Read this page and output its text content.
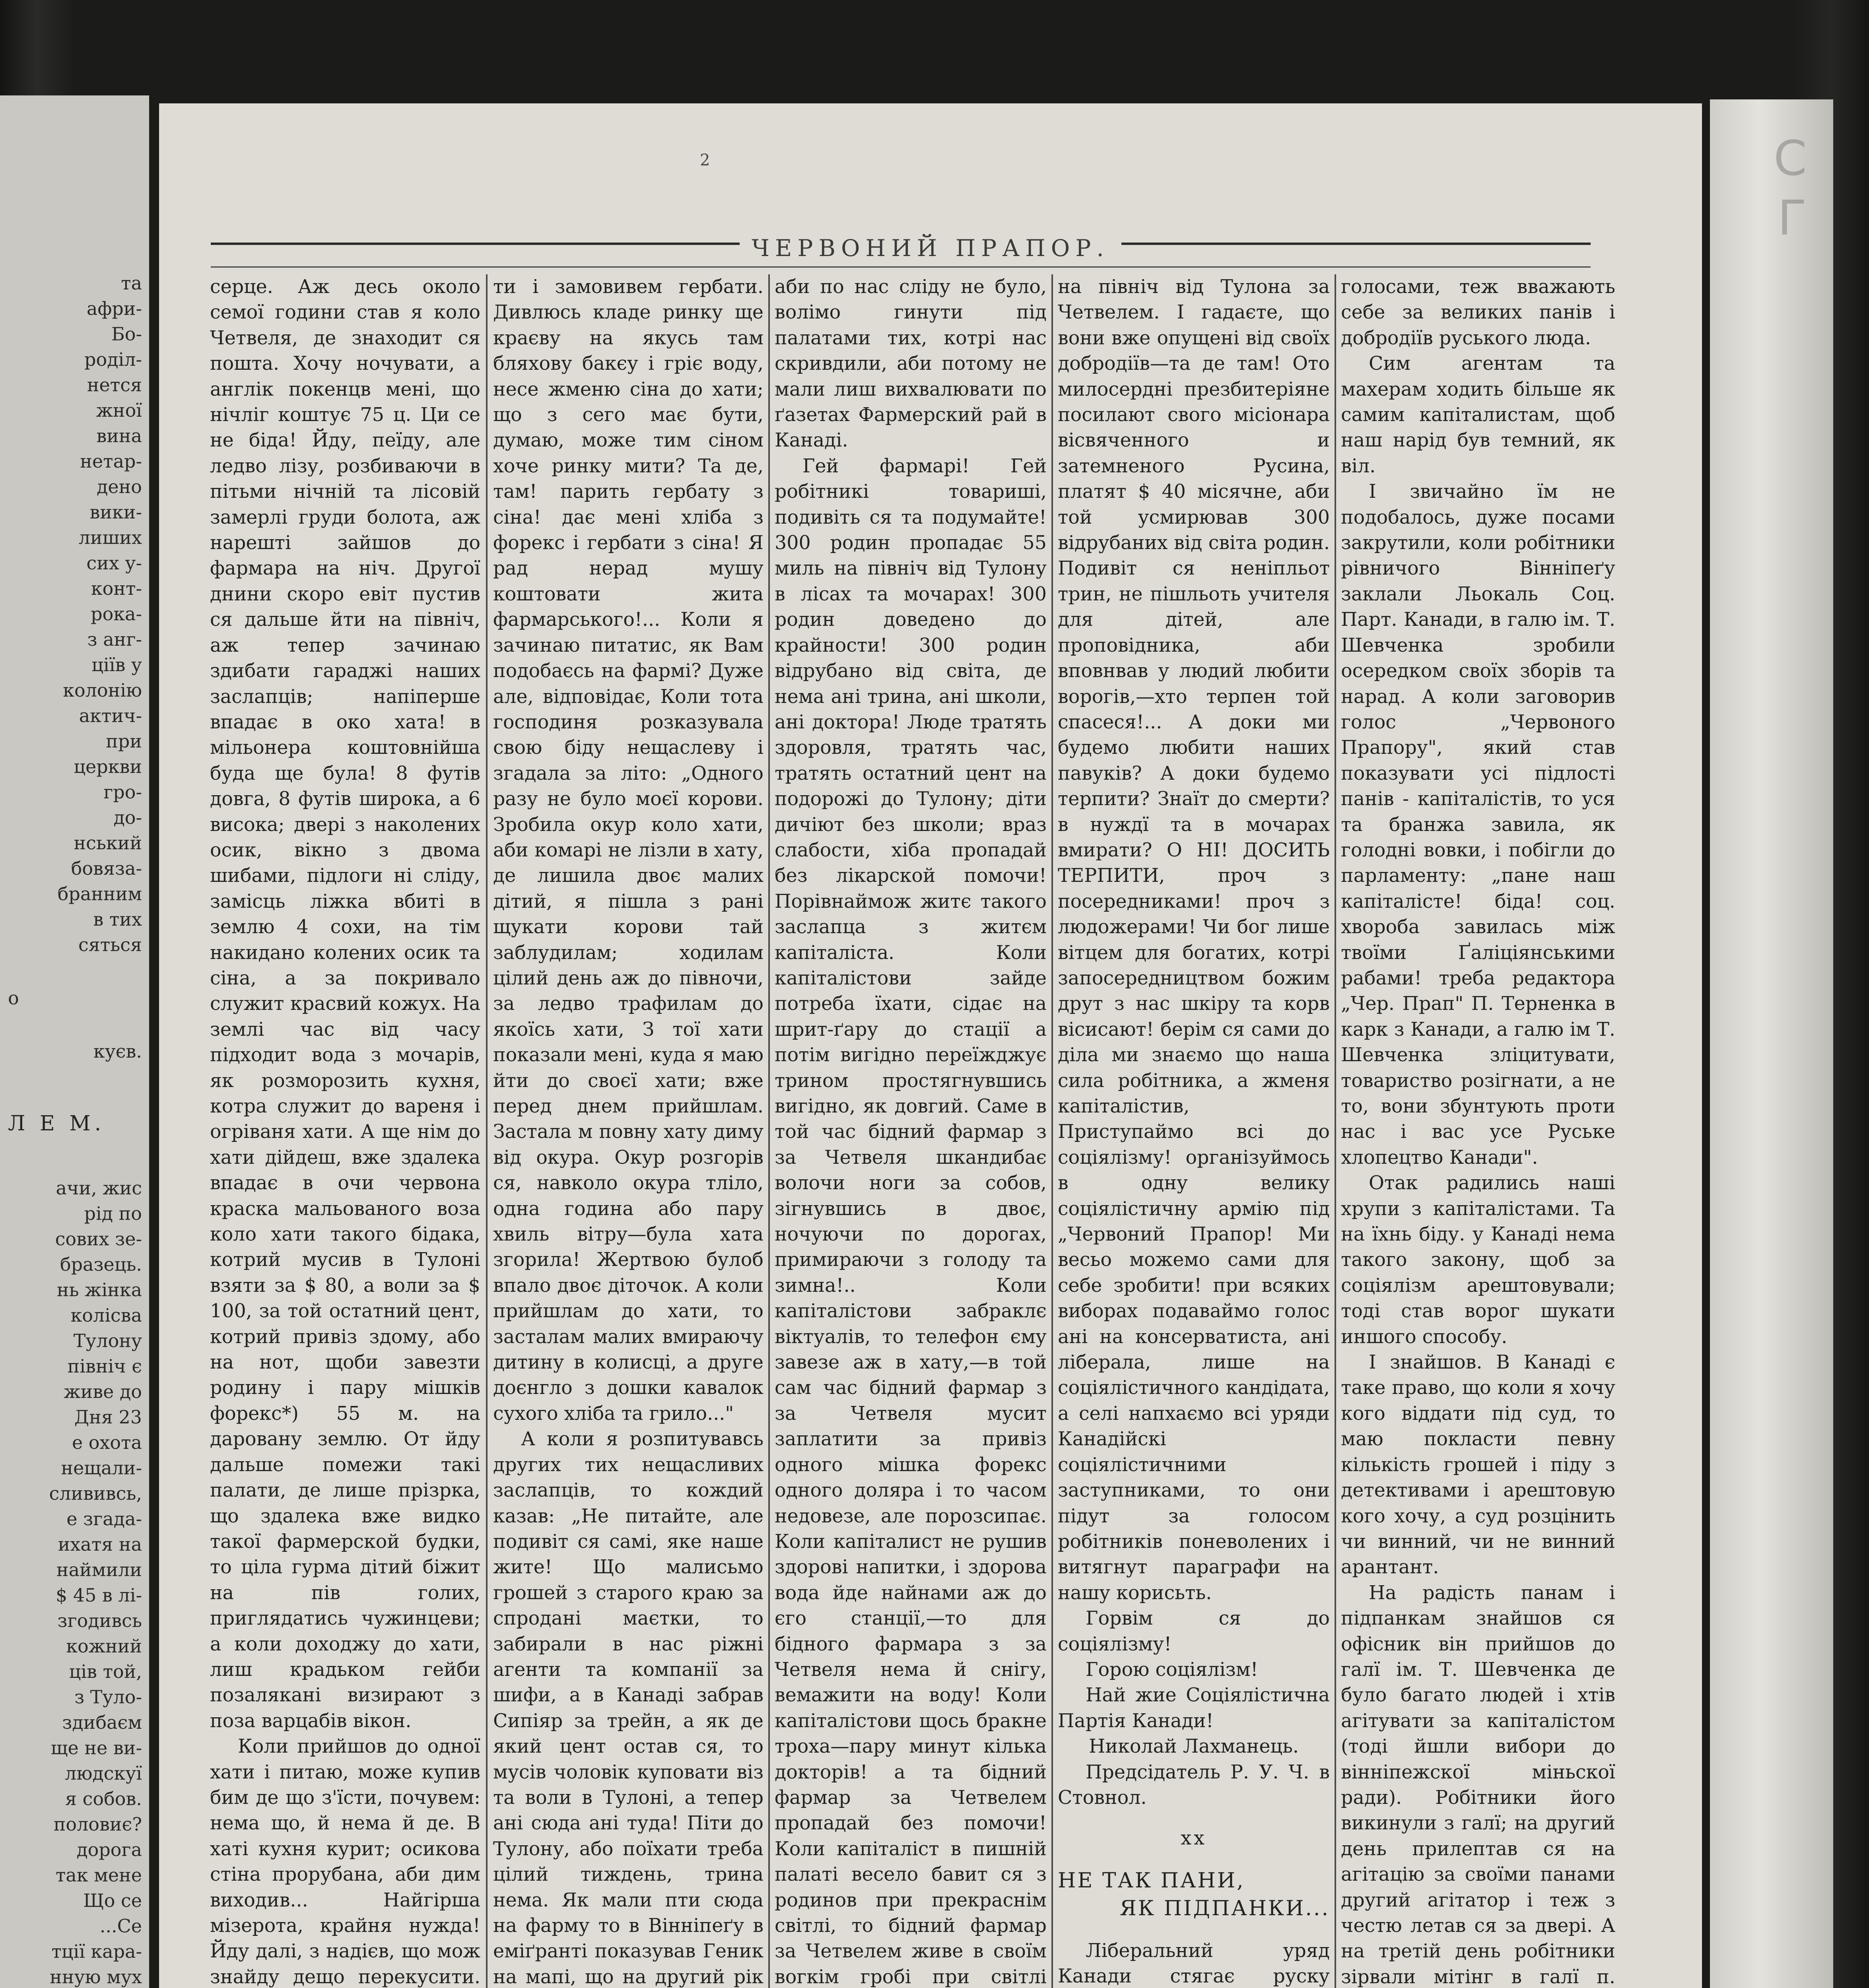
та
афри-
Бо-
роділ-
нется
жної
вина
нетар-
дено
вики-
лиших
сих у-
конт-
рока-
з анг-
ціїв у
колонію
актич-
при
церкви
гро-
до-
нський
бовяза-
бранним
в тих
сяться
о
куєв.
Л Е М.
ачи, жис
рід по
сових зе-
бразець.
нь жінка
колісва
Тулону
північ є
живе до
Дня 23
е охота
нещали-
слививсь,
е згада-
ихатя на
наймили
$ 45 в лі-
згодивсь
кожний
ців той,
з Туло-
здибаєм
ще не ви-
людскуї
я собов.
половиє?
дорога
так мене
Що се
...Се
тції кара-
нную мух
С
Г
2
ЧЕРВОНИЙ ПРАПОР.

серце. Аж десь около семої години став я коло Четвеля, де знаходит ся пошта. Хочу ночувати, а англік покенцв мені, що нічліг коштує 75 ц. Ци се не біда! Йду, пеїду, але ледво лізу, розбиваючи в пітьми нічній та лісовій замерлі груди болота, аж нарешті зайшов до фармара на ніч. Другої днини скоро евіт пустив ся дальше йти на північ, аж тепер зачинаю здибати гараджі наших заслапців; напіперше впадає в око хата! в мільонера коштовнійша буда ще була! 8 футів довга, 8 футів широка, а 6 висока; двері з наколених осик, вікно з двома шибами, підлоги ні сліду, замісць ліжка вбиті в землю 4 сохи, на тім накидано колених осик та сіна, а за покривало служит красвий кожух. На землі час від часу підходит вода з мочарів, як розморозить кухня, котра служит до вареня і огріваня хати. А ще нім до хати дійдеш, вже здалека впадає в очи червона краска мальованого воза коло хати такого бідака, котрий мусив в Тулоні взяти за $ 80, а воли за $ 100, за той остатний цент, котрий привіз здому, або на нот, щоби завезти родину і пару мішків форекс*) 55 м. на даровану землю. От йду дальше помежи такі палати, де лише прізрка, що здалека вже видко такої фармерской будки, то ціла гурма дітий біжит на пів голих, приглядатись чужинцеви; а коли доходжу до хати, лиш крадьком гейби позалякані визирают з поза варцабів вікон.

Коли прийшов до одної хати і питаю, може купив бим де що з'їсти, почувем: нема що, й нема й де. В хаті кухня курит; осикова стіна прорубана, аби дим виходив... Найгірша мізерота, крайня нужда! Йду далі, з надієв, що мож знайду дещо перекусити.

ти і замовивем гербати. Дивлюсь кладе ринку ще краєву на якусь там бляхову бакєу і гріє воду, несе жменю сіна до хати; що з сего має бути, думаю, може тим сіном хоче ринку мити? Та де, там! парить гербату з сіна! дає мені хліба з форекс і гербати з сіна! Я рад нерад мушу коштовати жита фармарського!... Коли я зачинаю питатис, як Вам подобаєсь на фармі? Дуже але, відповідає, Коли тота господиня розказувала свою біду нещаслеву і згадала за літо: „Одного разу не було моєї корови. Зробила окур коло хати, аби комарі не лізли в хату, де лишила двоє малих дітий, я пішла з ранi щукати корови тай заблудилам; ходилам цілий день аж до півночи, за ледво трафилам до якоїсь хати, З тої хати показали мені, куда я маю йти до своєї хати; вже перед днем прийшлам. Застала м повну хату диму від окура. Окур розгорів ся, навколо окура тліло, одна година або пару хвиль вітру—була хата згорила! Жертвою булоб впало двоє діточок. А коли прийшлам до хати, то засталам малих вмираючу дитину в колисці, а друге доєнгло з дошки кавалок сухого хліба та грило..."

А коли я розпитувавсь других тих нещасливих заслапців, то кождий казав: „Не питайте, але подивіт ся самі, яке наше жите! Що малисьмо грошей з старого краю за спродані маєтки, то забирали в нас ріжні агенти та компанії за шифи, а в Канаді забрав Сипіяр за трейн, а як де який цент остав ся, то мусів чоловік куповати віз та воли в Тулоні, а тепер ані сюда ані туда! Піти до Тулону, або поїхати треба цілий тиждень, трина нема. Як мали пти сюда на фарму то в Вінніпеґу в еміґранті показував Геник на мапі, що на другий рік

аби по нас сліду не було, волімо гинути під палатами тих, котрі нас скривдили, аби потому не мали лиш вихвалювати по ґазетах Фармерский рай в Канаді.

Гей фармарі! Гей робітникі товариші, подивіть ся та подумайте! 300 родин пропадає 55 миль на північ від Тулону в лісах та мочарах! 300 родин доведено до крайности! 300 родин відрубано від світа, де нема ані трина, ані школи, ані доктора! Люде тратять здоровля, тратять час, тратять остатний цент на подорожі до Тулону; діти дичіют без школи; враз слабости, хіба пропадай без лікарской помочи! Порівнаймож житє такого заслапца з житєм капіталіста. Коли капіталістови зайде потреба їхати, сідає на шрит-ґару до стації а потім вигідно переїжджує трином простягнувшись вигідно, як довгий. Саме в той час бідний фармар з за Четвеля шкандибає волочи ноги за собов, зігнувшись в двоє, ночуючи по дорогах, примираючи з голоду та зимна!.. Коли капіталістови забраклє віктуалів, то телефон єму завезе аж в хату,—в той сам час бідний фармар з за Четвеля мусит заплатити за привіз одного мішка форекс одного доляра і то часом недовезе, але порозсипає. Коли капіталист не рушив здорові напитки, і здорова вода йде найнами аж до єго станції,—то для бідного фармара з за Четвеля нема й снігу, вемажити на воду! Коли капіталістови щось бракне троха—пару минут кілька докторів! а та бідний фармар за Четвелем пропадай без помочи! Коли капіталіст в пишній палаті весело бавит ся з родинов при прекраснім світлі, то бідний фармар за Четвелем живе в своїм вогкім гробі при світлі

на північ від Тулона за Четвелем. І гадаєте, що вони вже опущені від своїх добродіїв—та де там! Ото милосердні презбитеріяне посилают свого місіонара вісвяченного и затемненого Русина, платят $ 40 місячне, аби той усмирював 300 відрубаних від світа родин. Подивіт ся неніпльот трин, не пішльоть учителя для дітей, але проповідника, аби вповнвав у людий любити ворогів,—хто терпен той спасеся!... А доки ми будемо любити наших павуків? А доки будемо терпити? Знаїт до смерти? в нуждї та в мочарах вмирати? О НІ! ДОСИТЬ ТЕРПИТИ, проч з посередниками! проч з людожерами! Чи бог лише вітцем для богатих, котрі запосередництвом божим друт з нас шкіру та корв вісисают! берім ся сами до діла ми знаємо що нашa сила робітника, а жменя капіталістив, Приступаймо всі до соціялізму! органiзуймось в одну велику соціялістичну армію під „Червоний Прапор! Ми весьо можемо сами для себе зробити! при всяких виборах подаваймо голос ані на консерватиста, ані ліберала, лише на соціялістичного кандідата, а селі напхаємо всі уряди Канадійскі соціялістичними заступниками, то они підут за голосом робітників поневолених і витягнут параграфи на нашу корисьть.

Горвім ся до соціялізму!

Горою соціялізм!

Най жие Соціялістична Партія Канади!

Николай Лахманець.

Предсідатель Р. У. Ч. в Стовнол.

хх
НЕ ТАК ПАНИ,
ЯК ПІДПАНКИ...

Ліберальний уряд Канади стягає руску

голосами, теж вважають себе за великих панів і добродіїв руського люда.

Сим агентам та махерам ходить більше як самим капіталистам, щоб наш нарід був темний, як віл.

І звичайно їм не подобалось, дуже посами закрутили, коли робітники рівничого Вінніпеґу заклали Льокаль Соц. Парт. Канади, в галю ім. Т. Шевченка зробили осередком своїх зборів та нарад. А коли заговорив голос „Червоного Прапору", який став показувати усі підлості панів - капіталістів, то уся та бранжа завила, як голодні вовки, і побігли до парламенту: „пане наш капіталісте! біда! соц. хвороба завилась між твоїми Ґаліціянськими рабами! треба редактора „Чер. Прап" П. Терненка в карк з Канади, а галю ім Т. Шевченка зліцитувати, товариство розігнати, а не то, вони збунтують проти нас і вас усе Руське хлопецтво Канади".

Отак радились наші хрупи з капіталістами. Та на їхнь біду. у Канаді нема такого закону, щоб за соціялізм арештовували; тоді став ворог шукати иншого способу.

І знайшов. В Канаді є таке право, що коли я хочу кого віддати під суд, то маю покласти певну кількість грошей і піду з детективами і арештовую кого хочу, а суд розцінить чи винний, чи не винний арантант.

На радість панам і підпанкам знайшов ся офісник він прийшов до галї ім. Т. Шевченка де було багато людей і хтів агітувати за капіталістом (тоді йшли вибори до вінніпежскої міньскої ради). Робітники його викинули з галї; на другий день прилептав ся на агітацію за своїми панами другий агітатор і теж з честю летав ся за двері. А на третій день робітники зірвали мітінг в галї п.
